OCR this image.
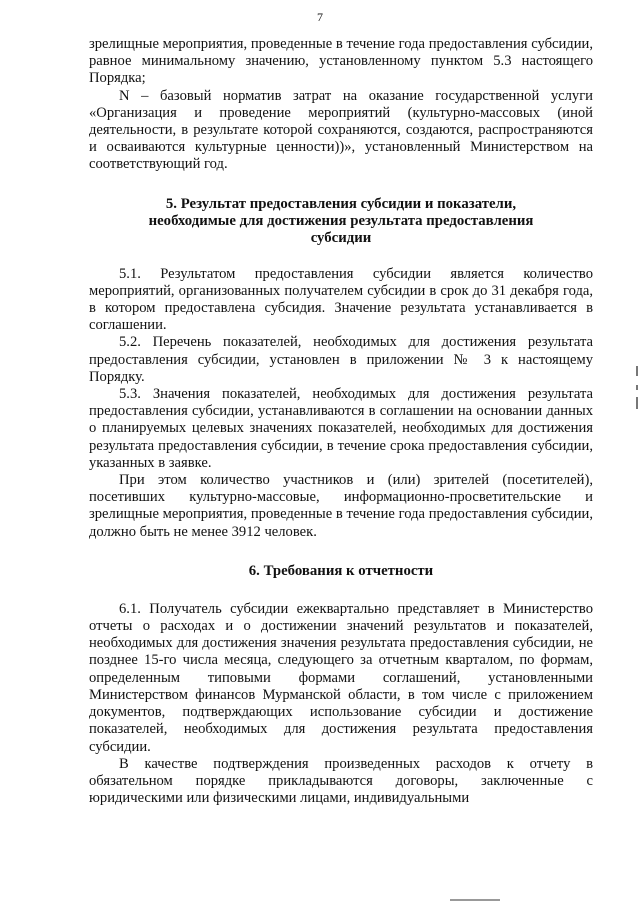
7

зрелищные мероприятия, проведенные в течение года предоставления субсидии, равное минимальному значению, установленному пунктом 5.3 настоящего Порядка;

N – базовый норматив затрат на оказание государственной услуги «Организация и проведение мероприятий (культурно-массовых (иной деятельности, в результате которой сохраняются, создаются, распространяются и осваиваются культурные ценности))», установленный Министерством на соответствующий год.

5. Результат предоставления субсидии и показатели,
необходимые для достижения результата предоставления
субсидии

5.1. Результатом предоставления субсидии является количество мероприятий, организованных получателем субсидии в срок до 31 декабря года, в котором предоставлена субсидия. Значение результата устанавливается в соглашении.

5.2. Перечень показателей, необходимых для достижения результата предоставления субсидии, установлен в приложении № 3 к настоящему Порядку.

5.3. Значения показателей, необходимых для достижения результата предоставления субсидии, устанавливаются в соглашении на основании данных о планируемых целевых значениях показателей, необходимых для достижения результата предоставления субсидии, в течение срока предоставления субсидии, указанных в заявке.

При этом количество участников и (или) зрителей (посетителей), посетивших культурно-массовые, информационно-просветительские и зрелищные мероприятия, проведенные в течение года предоставления субсидии, должно быть не менее 3912 человек.

6. Требования к отчетности

6.1. Получатель субсидии ежеквартально представляет в Министерство отчеты о расходах и о достижении значений результатов и показателей, необходимых для достижения значения результата предоставления субсидии, не позднее 15-го числа месяца, следующего за отчетным кварталом, по формам, определенным типовыми формами соглашений, установленными Министерством финансов Мурманской области, в том числе с приложением документов, подтверждающих использование субсидии и достижение показателей, необходимых для достижения результата предоставления субсидии.

В качестве подтверждения произведенных расходов к отчету в обязательном порядке прикладываются договоры, заключенные с юридическими или физическими лицами, индивидуальными
